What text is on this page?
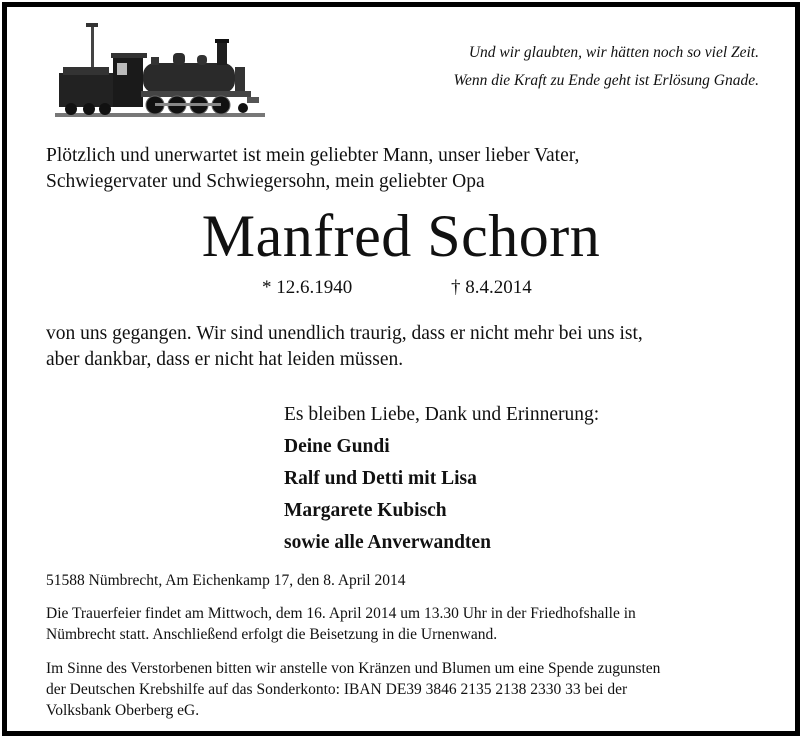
Und wir glaubten, wir hätten noch so viel Zeit.
Wenn die Kraft zu Ende geht ist Erlösung Gnade.
Plötzlich und unerwartet ist mein geliebter Mann, unser lieber Vater,
Schwiegervater und Schwiegersohn, mein geliebter Opa
Manfred Schorn
* 12.6.1940	† 8.4.2014
von uns gegangen. Wir sind unendlich traurig, dass er nicht mehr bei uns ist,
aber dankbar, dass er nicht hat leiden müssen.
Es bleiben Liebe, Dank und Erinnerung:
Deine Gundi
Ralf und Detti mit Lisa
Margarete Kubisch
sowie alle Anverwandten
51588 Nümbrecht, Am Eichenkamp 17, den 8. April 2014
Die Trauerfeier findet am Mittwoch, dem 16. April 2014 um 13.30 Uhr in der Friedhofshalle in
Nümbrecht statt. Anschließend erfolgt die Beisetzung in die Urnenwand.
Im Sinne des Verstorbenen bitten wir anstelle von Kränzen und Blumen um eine Spende zugunsten
der Deutschen Krebshilfe auf das Sonderkonto: IBAN DE39 3846 2135 2138 2330 33 bei der
Volksbank Oberberg eG.
